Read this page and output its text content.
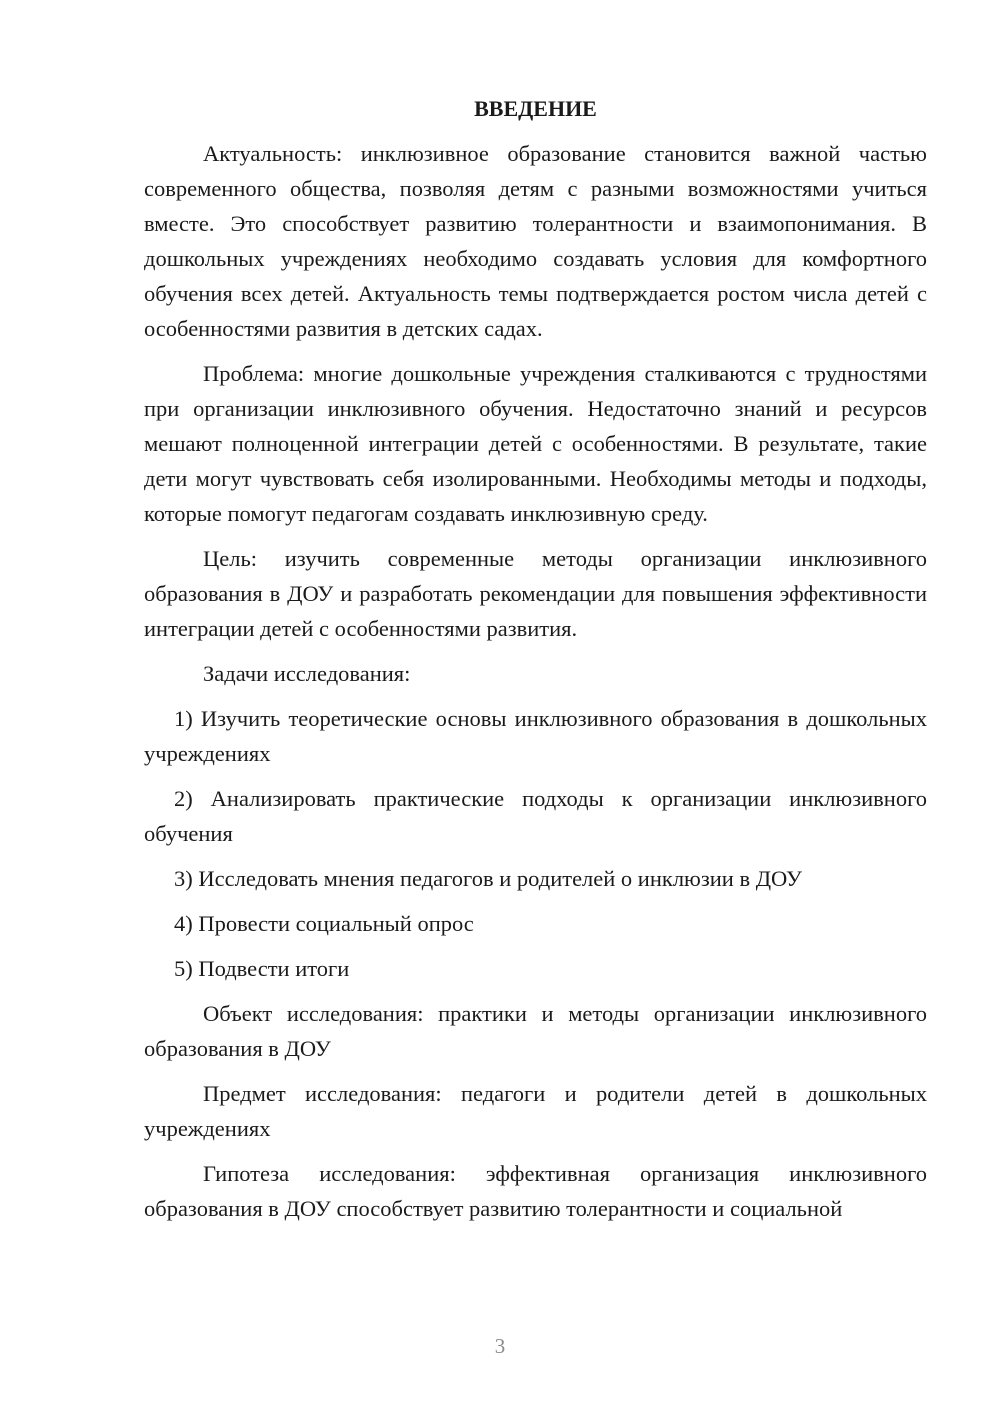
ВВЕДЕНИЕ

Актуальность: инклюзивное образование становится важной частью современного общества, позволяя детям с разными возможностями учиться вместе. Это способствует развитию толерантности и взаимопонимания. В дошкольных учреждениях необходимо создавать условия для комфортного обучения всех детей. Актуальность темы подтверждается ростом числа детей с особенностями развития в детских садах.

Проблема: многие дошкольные учреждения сталкиваются с трудностями при организации инклюзивного обучения. Недостаточно знаний и ресурсов мешают полноценной интеграции детей с особенностями. В результате, такие дети могут чувствовать себя изолированными. Необходимы методы и подходы, которые помогут педагогам создавать инклюзивную среду.

Цель: изучить современные методы организации инклюзивного образования в ДОУ и разработать рекомендации для повышения эффективности интеграции детей с особенностями развития.

Задачи исследования:

1) Изучить теоретические основы инклюзивного образования в дошкольных учреждениях

2) Анализировать практические подходы к организации инклюзивного обучения

3) Исследовать мнения педагогов и родителей о инклюзии в ДОУ

4) Провести социальный опрос

5) Подвести итоги

Объект исследования: практики и методы организации инклюзивного образования в ДОУ

Предмет исследования: педагоги и родители детей в дошкольных учреждениях

Гипотеза исследования: эффективная организация инклюзивного образования в ДОУ способствует развитию толерантности и социальной

3
